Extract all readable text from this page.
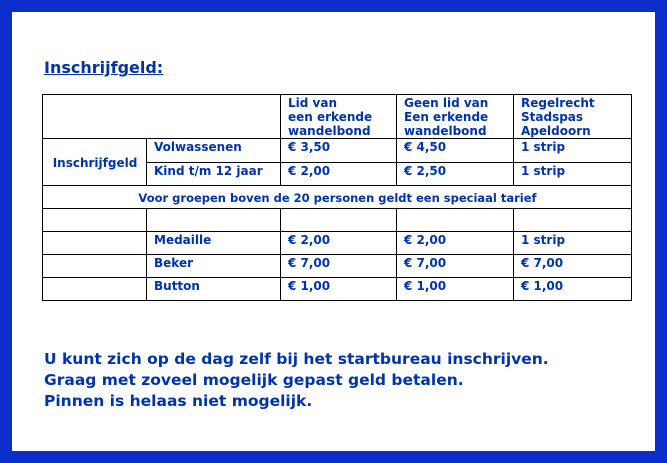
Inschrijfgeld:
		Lid van
een erkende
wandelbond	Geen lid van
Een erkende
wandelbond	Regelrecht
Stadspas
Apeldoorn
Inschrijfgeld	Volwassenen	€ 3,50	€ 4,50	1 strip
	Kind t/m 12 jaar	€ 2,00	€ 2,50	1 strip
Voor groepen boven de 20 personen geldt een speciaal tarief				

	Medaille	€ 2,00	€ 2,00	1 strip
	Beker	€ 7,00	€ 7,00	€ 7,00
	Button	€ 1,00	€ 1,00	€ 1,00
U kunt zich op de dag zelf bij het startbureau inschrijven.
Graag met zoveel mogelijk gepast geld betalen.
Pinnen is helaas niet mogelijk.
